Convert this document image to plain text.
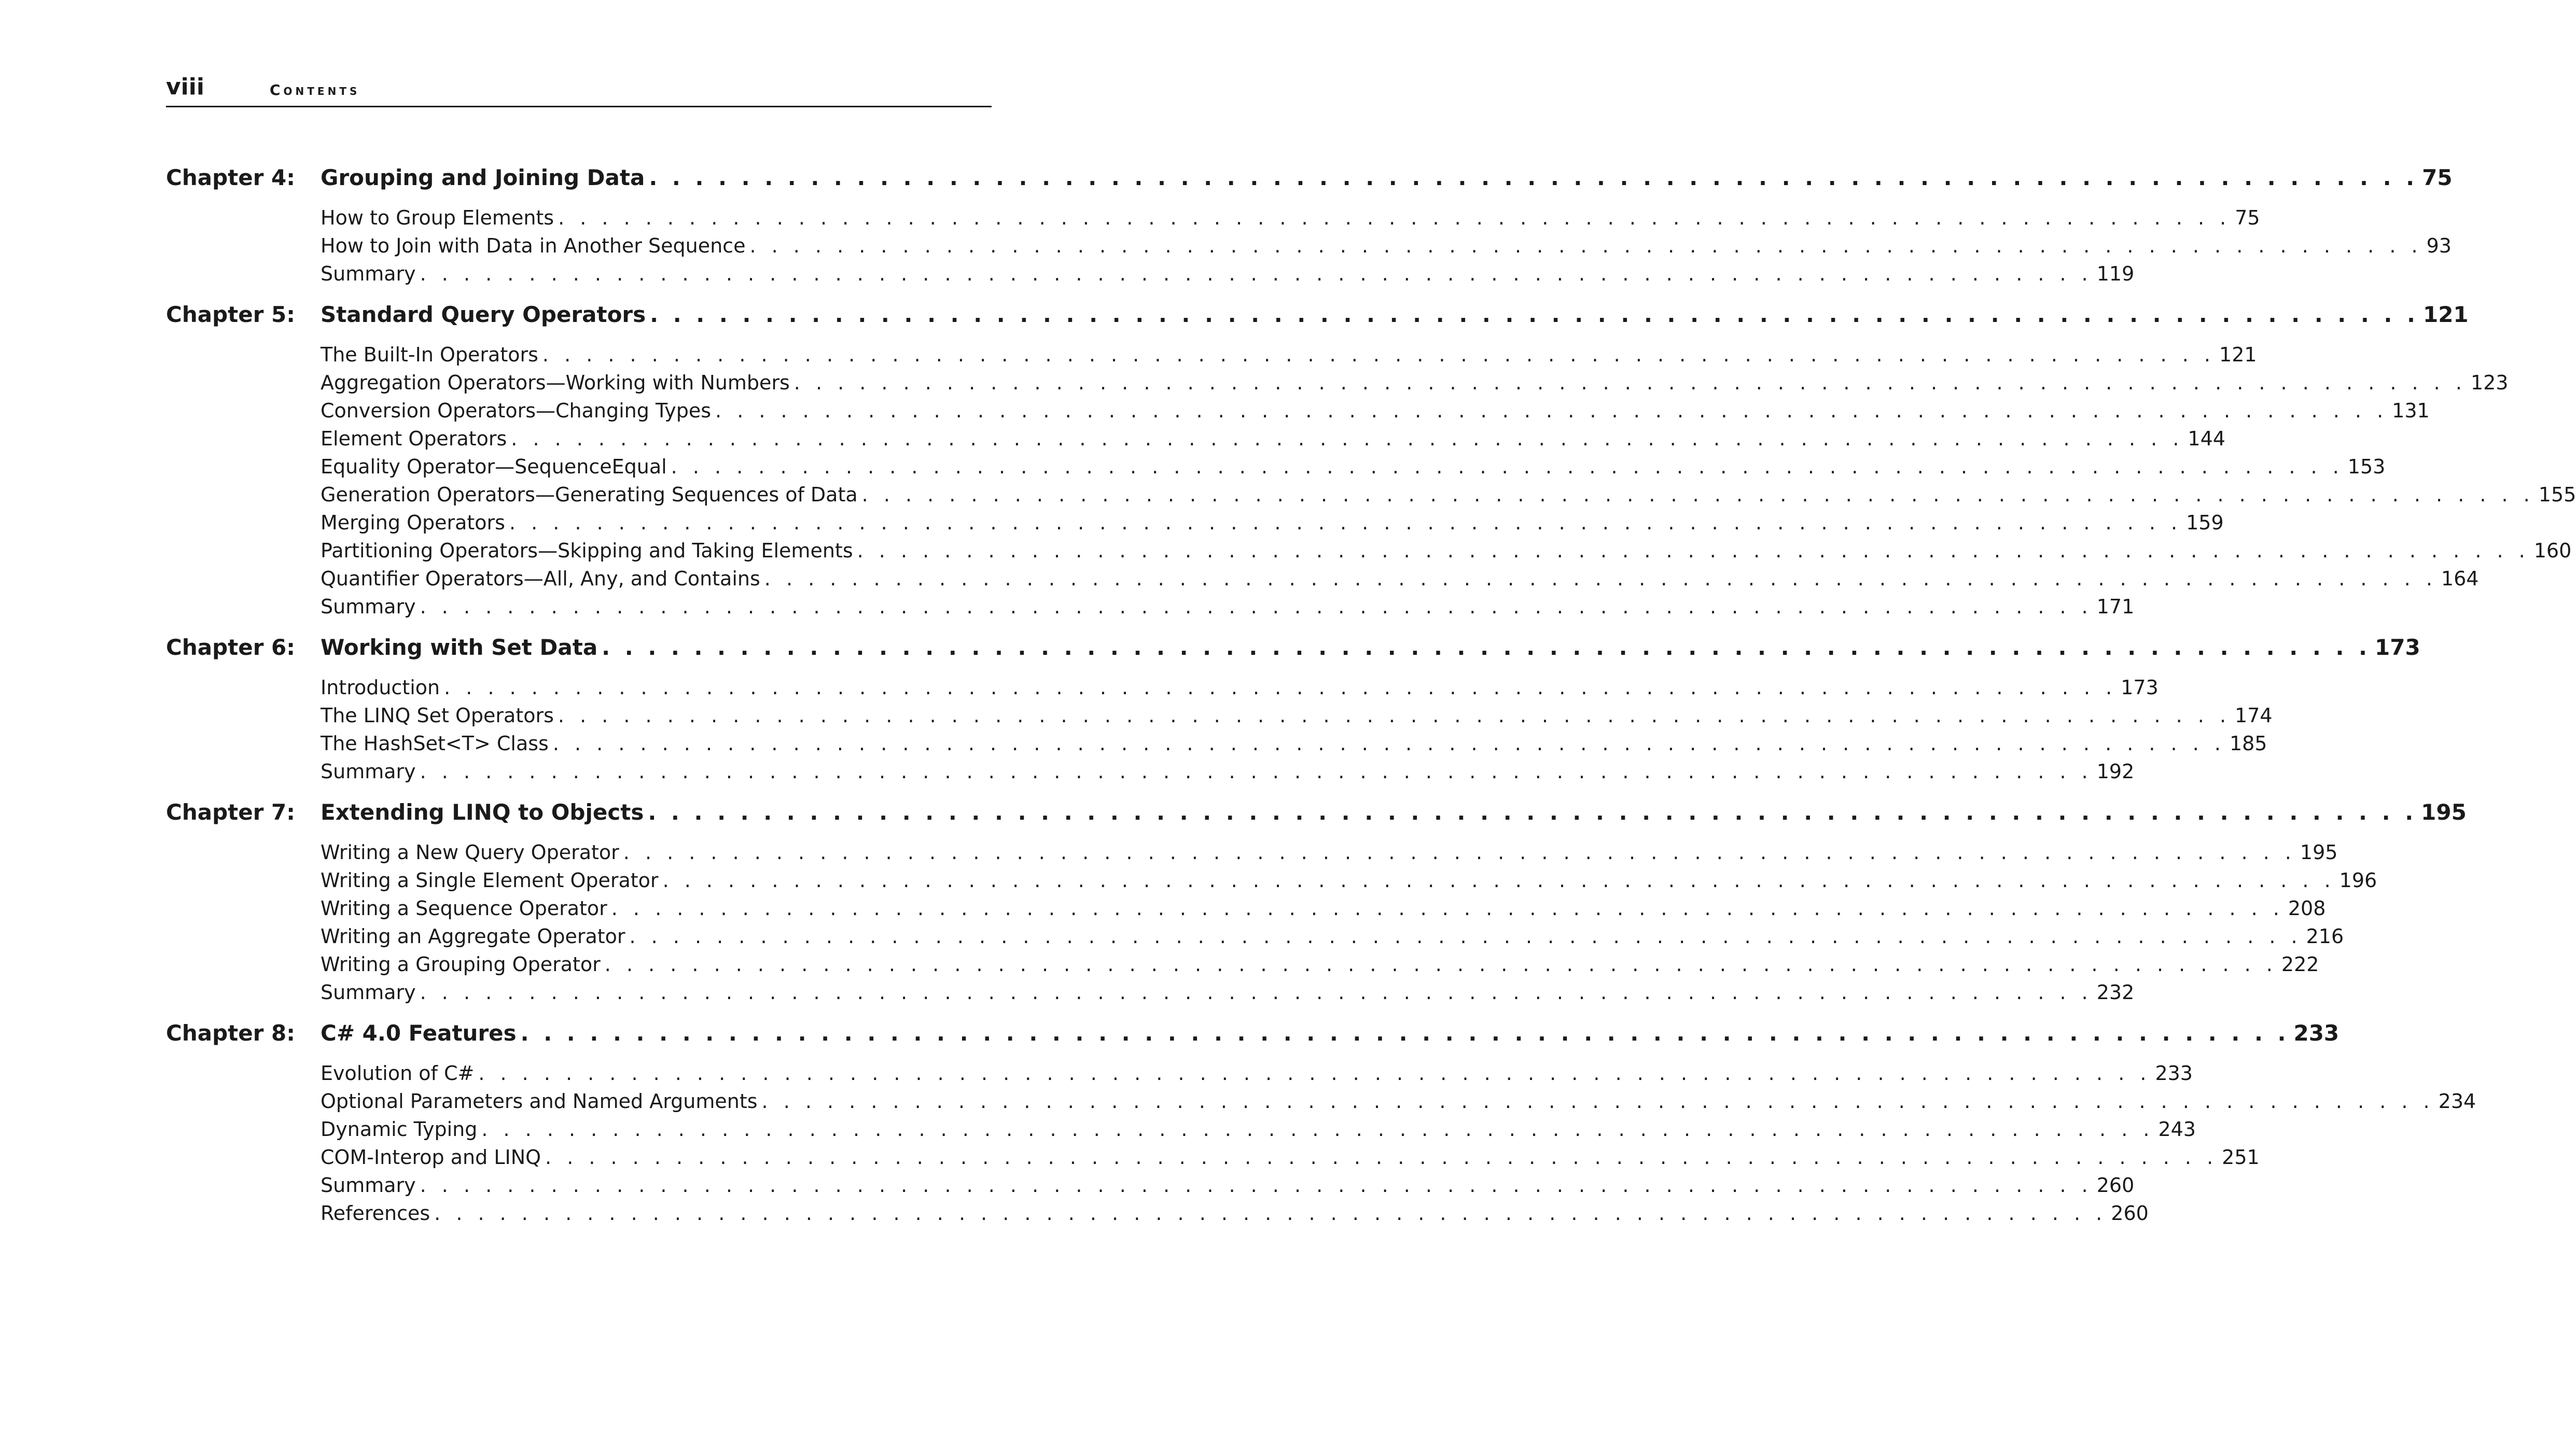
viii	Contents
Chapter 4:	Grouping and Joining Data . . . . . . . . . . . . . . . . . . . . . . . . . . . . . . . . . . . . . . . . . . . . . . . . . . . . . . . . . . . . . . . . . . . . . . . . . . . . . 75
How to Group Elements . . . . . . . . . . . . . . . . . . . . . . . . . . . . . . . . . . . . . . . . . . . . . . . . . . . . . . . . . . . . . . . . . . . . . . . . . . . . . 75
How to Join with Data in Another Sequence . . . . . . . . . . . . . . . . . . . . . . . . . . . . . . . . . . . . . . . . . . . . . . . . . . . . . . . . . . . . . . . . . . . . . . . . . . . . . 93
Summary . . . . . . . . . . . . . . . . . . . . . . . . . . . . . . . . . . . . . . . . . . . . . . . . . . . . . . . . . . . . . . . . . . . . . . . . . . . . . 119
Chapter 5:	Standard Query Operators . . . . . . . . . . . . . . . . . . . . . . . . . . . . . . . . . . . . . . . . . . . . . . . . . . . . . . . . . . . . . . . . . . . . . . . . . . . . . 121
The Built-In Operators . . . . . . . . . . . . . . . . . . . . . . . . . . . . . . . . . . . . . . . . . . . . . . . . . . . . . . . . . . . . . . . . . . . . . . . . . . . . . 121
Aggregation Operators—Working with Numbers . . . . . . . . . . . . . . . . . . . . . . . . . . . . . . . . . . . . . . . . . . . . . . . . . . . . . . . . . . . . . . . . . . . . . . . . . . . . . 123
Conversion Operators—Changing Types . . . . . . . . . . . . . . . . . . . . . . . . . . . . . . . . . . . . . . . . . . . . . . . . . . . . . . . . . . . . . . . . . . . . . . . . . . . . . 131
Element Operators . . . . . . . . . . . . . . . . . . . . . . . . . . . . . . . . . . . . . . . . . . . . . . . . . . . . . . . . . . . . . . . . . . . . . . . . . . . . . 144
Equality Operator—SequenceEqual . . . . . . . . . . . . . . . . . . . . . . . . . . . . . . . . . . . . . . . . . . . . . . . . . . . . . . . . . . . . . . . . . . . . . . . . . . . . . 153
Generation Operators—Generating Sequences of Data . . . . . . . . . . . . . . . . . . . . . . . . . . . . . . . . . . . . . . . . . . . . . . . . . . . . . . . . . . . . . . . . . . . . . . . . . . . . . 155
Merging Operators . . . . . . . . . . . . . . . . . . . . . . . . . . . . . . . . . . . . . . . . . . . . . . . . . . . . . . . . . . . . . . . . . . . . . . . . . . . . . 159
Partitioning Operators—Skipping and Taking Elements . . . . . . . . . . . . . . . . . . . . . . . . . . . . . . . . . . . . . . . . . . . . . . . . . . . . . . . . . . . . . . . . . . . . . . . . . . . . . 160
Quantifier Operators—All, Any, and Contains . . . . . . . . . . . . . . . . . . . . . . . . . . . . . . . . . . . . . . . . . . . . . . . . . . . . . . . . . . . . . . . . . . . . . . . . . . . . . 164
Summary . . . . . . . . . . . . . . . . . . . . . . . . . . . . . . . . . . . . . . . . . . . . . . . . . . . . . . . . . . . . . . . . . . . . . . . . . . . . . 171
Chapter 6:	Working with Set Data . . . . . . . . . . . . . . . . . . . . . . . . . . . . . . . . . . . . . . . . . . . . . . . . . . . . . . . . . . . . . . . . . . . . . . . . . . . . . 173
Introduction . . . . . . . . . . . . . . . . . . . . . . . . . . . . . . . . . . . . . . . . . . . . . . . . . . . . . . . . . . . . . . . . . . . . . . . . . . . . . 173
The LINQ Set Operators . . . . . . . . . . . . . . . . . . . . . . . . . . . . . . . . . . . . . . . . . . . . . . . . . . . . . . . . . . . . . . . . . . . . . . . . . . . . . 174
The HashSet<T> Class . . . . . . . . . . . . . . . . . . . . . . . . . . . . . . . . . . . . . . . . . . . . . . . . . . . . . . . . . . . . . . . . . . . . . . . . . . . . . 185
Summary . . . . . . . . . . . . . . . . . . . . . . . . . . . . . . . . . . . . . . . . . . . . . . . . . . . . . . . . . . . . . . . . . . . . . . . . . . . . . 192
Chapter 7:	Extending LINQ to Objects . . . . . . . . . . . . . . . . . . . . . . . . . . . . . . . . . . . . . . . . . . . . . . . . . . . . . . . . . . . . . . . . . . . . . . . . . . . . . 195
Writing a New Query Operator . . . . . . . . . . . . . . . . . . . . . . . . . . . . . . . . . . . . . . . . . . . . . . . . . . . . . . . . . . . . . . . . . . . . . . . . . . . . . 195
Writing a Single Element Operator . . . . . . . . . . . . . . . . . . . . . . . . . . . . . . . . . . . . . . . . . . . . . . . . . . . . . . . . . . . . . . . . . . . . . . . . . . . . . 196
Writing a Sequence Operator . . . . . . . . . . . . . . . . . . . . . . . . . . . . . . . . . . . . . . . . . . . . . . . . . . . . . . . . . . . . . . . . . . . . . . . . . . . . . 208
Writing an Aggregate Operator . . . . . . . . . . . . . . . . . . . . . . . . . . . . . . . . . . . . . . . . . . . . . . . . . . . . . . . . . . . . . . . . . . . . . . . . . . . . . 216
Writing a Grouping Operator . . . . . . . . . . . . . . . . . . . . . . . . . . . . . . . . . . . . . . . . . . . . . . . . . . . . . . . . . . . . . . . . . . . . . . . . . . . . . 222
Summary . . . . . . . . . . . . . . . . . . . . . . . . . . . . . . . . . . . . . . . . . . . . . . . . . . . . . . . . . . . . . . . . . . . . . . . . . . . . . 232
Chapter 8:	C# 4.0 Features . . . . . . . . . . . . . . . . . . . . . . . . . . . . . . . . . . . . . . . . . . . . . . . . . . . . . . . . . . . . . . . . . . . . . . . . . . . . . 233
Evolution of C# . . . . . . . . . . . . . . . . . . . . . . . . . . . . . . . . . . . . . . . . . . . . . . . . . . . . . . . . . . . . . . . . . . . . . . . . . . . . . 233
Optional Parameters and Named Arguments . . . . . . . . . . . . . . . . . . . . . . . . . . . . . . . . . . . . . . . . . . . . . . . . . . . . . . . . . . . . . . . . . . . . . . . . . . . . . 234
Dynamic Typing . . . . . . . . . . . . . . . . . . . . . . . . . . . . . . . . . . . . . . . . . . . . . . . . . . . . . . . . . . . . . . . . . . . . . . . . . . . . . 243
COM-Interop and LINQ . . . . . . . . . . . . . . . . . . . . . . . . . . . . . . . . . . . . . . . . . . . . . . . . . . . . . . . . . . . . . . . . . . . . . . . . . . . . . 251
Summary . . . . . . . . . . . . . . . . . . . . . . . . . . . . . . . . . . . . . . . . . . . . . . . . . . . . . . . . . . . . . . . . . . . . . . . . . . . . . 260
References . . . . . . . . . . . . . . . . . . . . . . . . . . . . . . . . . . . . . . . . . . . . . . . . . . . . . . . . . . . . . . . . . . . . . . . . . . . . . 260
